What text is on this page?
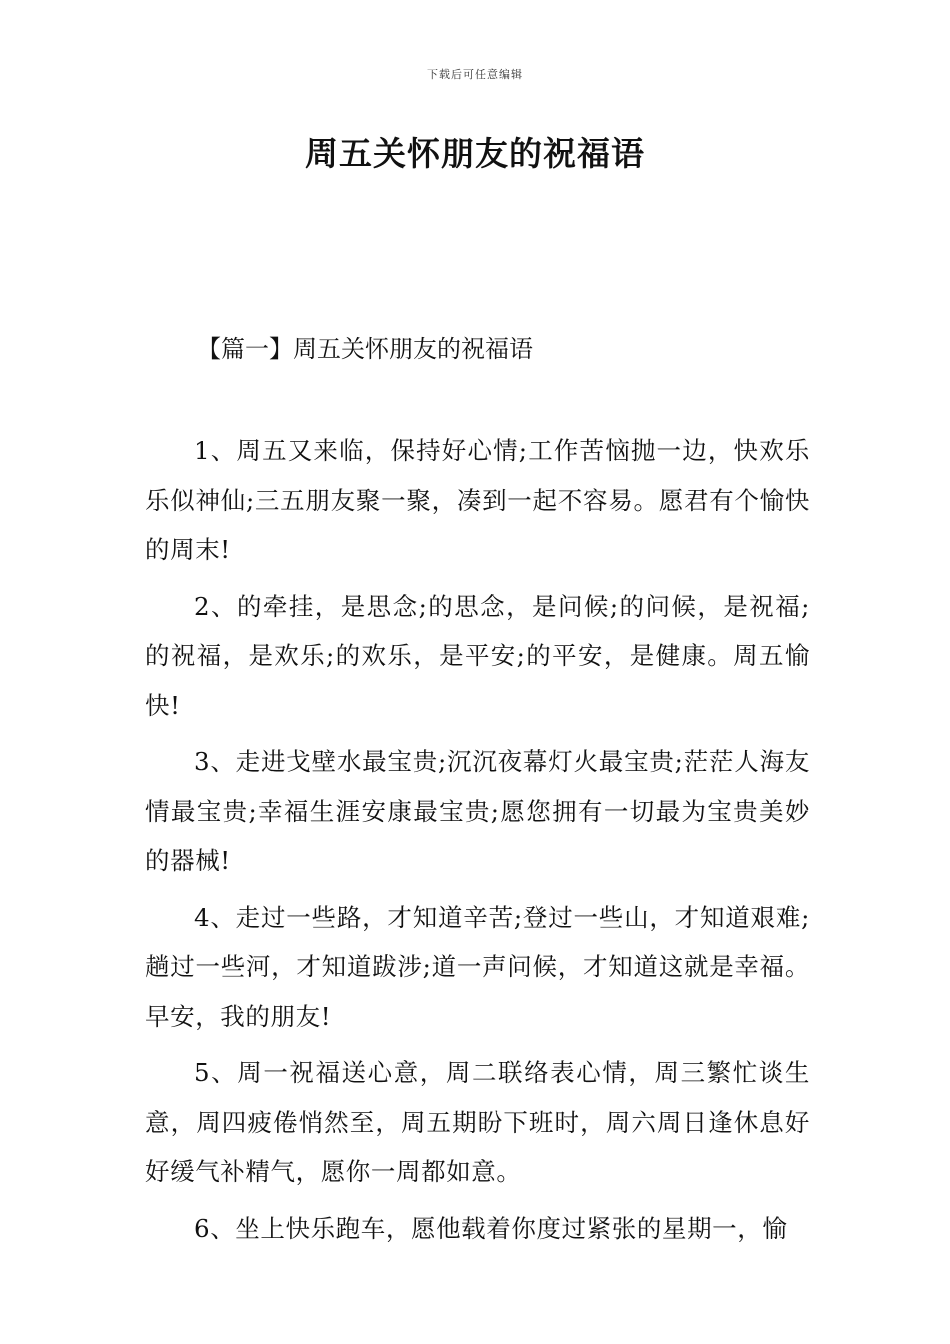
下载后可任意编辑
周五关怀朋友的祝福语
【篇一】周五关怀朋友的祝福语

1、周五又来临，保持好心情;工作苦恼抛一边，快欢乐乐似神仙;三五朋友聚一聚，凑到一起不容易。愿君有个愉快的周末!

2、的牵挂，是思念;的思念，是问候;的问候，是祝福;的祝福，是欢乐;的欢乐，是平安;的平安，是健康。周五愉快!

3、走进戈壁水最宝贵;沉沉夜幕灯火最宝贵;茫茫人海友情最宝贵;幸福生涯安康最宝贵;愿您拥有一切最为宝贵美妙的器械!

4、走过一些路，才知道辛苦;登过一些山，才知道艰难;趟过一些河，才知道跋涉;道一声问候，才知道这就是幸福。早安，我的朋友!

5、周一祝福送心意，周二联络表心情，周三繁忙谈生意，周四疲倦悄然至，周五期盼下班时，周六周日逢休息好好缓气补精气，愿你一周都如意。

6、坐上快乐跑车，愿他载着你度过紧张的星期一，愉
